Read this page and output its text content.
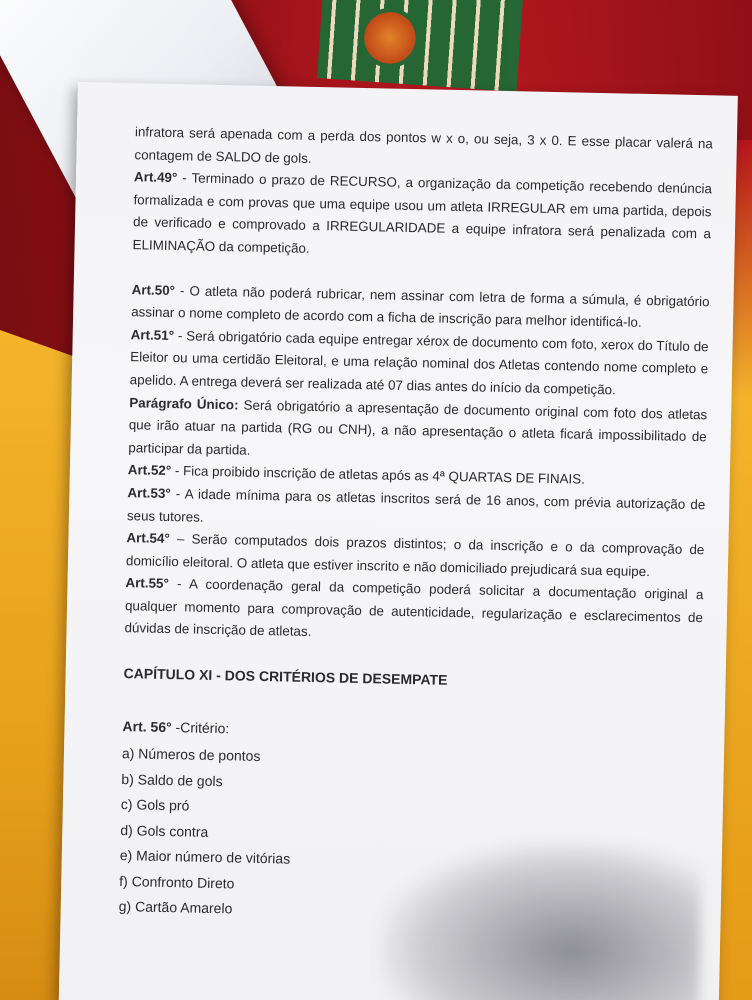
infratora será apenada com a perda dos pontos w x o, ou seja, 3 x 0. E esse placar valerá na contagem de SALDO de gols.

Art.49° - Terminado o prazo de RECURSO, a organização da competição recebendo denúncia formalizada e com provas que uma equipe usou um atleta IRREGULAR em uma partida, depois de verificado e comprovado a IRREGULARIDADE a equipe infratora será penalizada com a ELIMINAÇÃO da competição.

Art.50° - O atleta não poderá rubricar, nem assinar com letra de forma a súmula, é obrigatório assinar o nome completo de acordo com a ficha de inscrição para melhor identificá-lo.

Art.51° - Será obrigatório cada equipe entregar xérox de documento com foto, xerox do Título de Eleitor ou uma certidão Eleitoral, e uma relação nominal dos Atletas contendo nome completo e apelido. A entrega deverá ser realizada até 07 dias antes do início da competição.

Parágrafo Único: Será obrigatório a apresentação de documento original com foto dos atletas que irão atuar na partida (RG ou CNH), a não apresentação o atleta ficará impossibilitado de participar da partida.

Art.52° - Fica proibido inscrição de atletas após as 4ª QUARTAS DE FINAIS.

Art.53° - A idade mínima para os atletas inscritos será de 16 anos, com prévia autorização de seus tutores.

Art.54° – Serão computados dois prazos distintos; o da inscrição e o da comprovação de domicílio eleitoral. O atleta que estiver inscrito e não domiciliado prejudicará sua equipe.

Art.55° - A coordenação geral da competição poderá solicitar a documentação original a qualquer momento para comprovação de autenticidade, regularização e esclarecimentos de dúvidas de inscrição de atletas.

CAPÍTULO XI - DOS CRITÉRIOS DE DESEMPATE

Art. 56° -Critério:

a) Números de pontos

b) Saldo de gols

c) Gols pró

d) Gols contra

e) Maior número de vitórias

f) Confronto Direto

g) Cartão Amarelo
